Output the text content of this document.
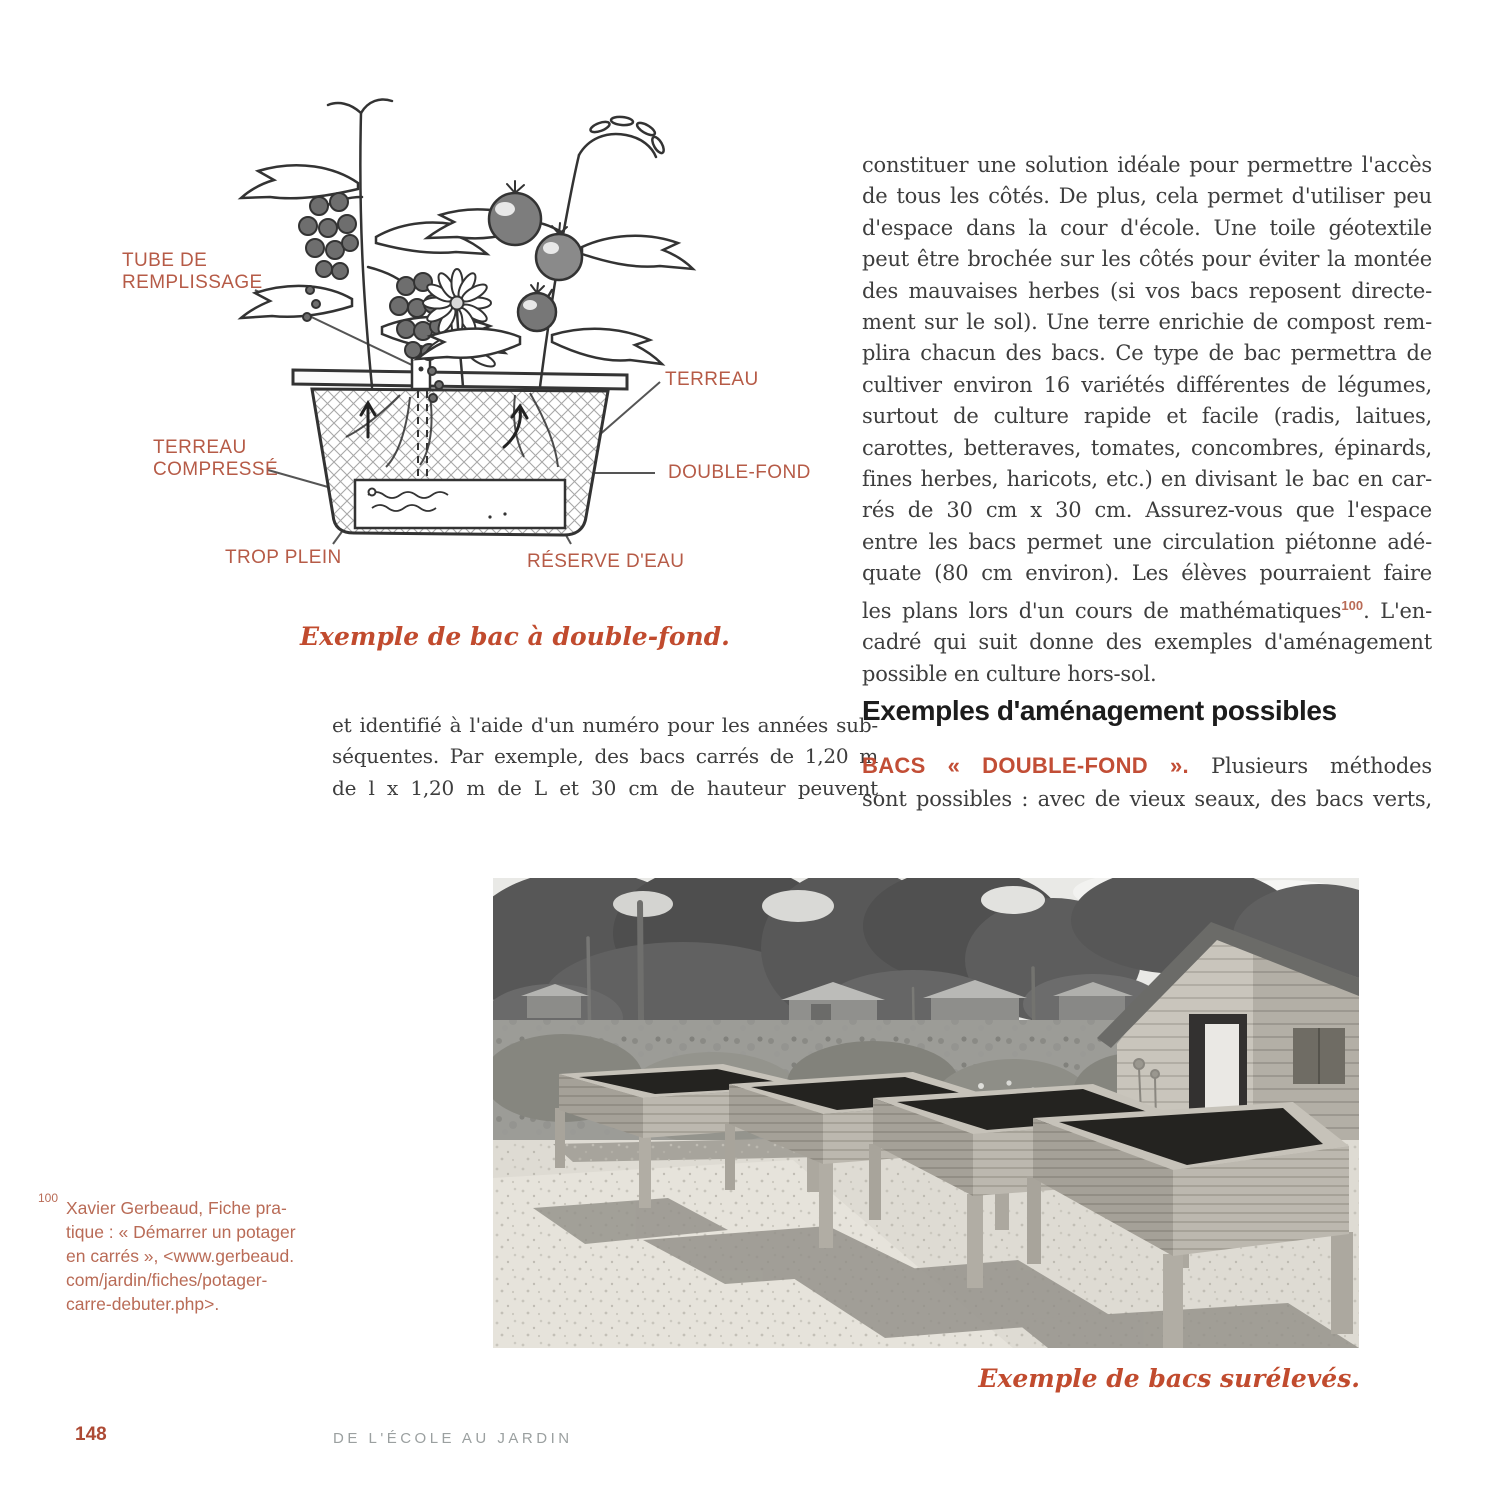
TUBE DE
REMPLISSAGE
TERREAU
TERREAU
COMPRESSÉ	DOUBLE-FOND
TROP PLEIN	RÉSERVE D'EAU
Exemple de bac à double-fond.
constituer une solution idéale pour permettre l'accès
de tous les côtés. De plus, cela permet d'utiliser peu
d'espace dans la cour d'école. Une toile géotextile
peut être brochée sur les côtés pour éviter la montée
des mauvaises herbes (si vos bacs reposent directe-
ment sur le sol). Une terre enrichie de compost rem-
plira chacun des bacs. Ce type de bac permettra de
cultiver environ 16 variétés différentes de légumes,
surtout de culture rapide et facile (radis, laitues,
carottes, betteraves, tomates, concombres, épinards,
fines herbes, haricots, etc.) en divisant le bac en car-
rés de 30 cm x 30 cm. Assurez-vous que l'espace
entre les bacs permet une circulation piétonne adé-
quate (80 cm environ). Les élèves pourraient faire
les plans lors d'un cours de mathématiques$^{100}$. L'en-
cadré qui suit donne des exemples d'aménagement
possible en culture hors-sol.
et identifié à l'aide d'un numéro pour les années sub-
séquentes. Par exemple, des bacs carrés de 1,20 m
de l x 1,20 m de L et 30 cm de hauteur peuvent
Exemples d'aménagement possibles
BACS « DOUBLE-FOND ». Plusieurs méthodes
sont possibles : avec de vieux seaux, des bacs verts,
Exemple de bacs surélevés.
100 Xavier Gerbeaud, Fiche pra-
tique : « Démarrer un potager
en carrés », <www.gerbeaud.
com/jardin/fiches/potager-
carre-debuter.php>.
148	DE L'ÉCOLE AU JARDIN
